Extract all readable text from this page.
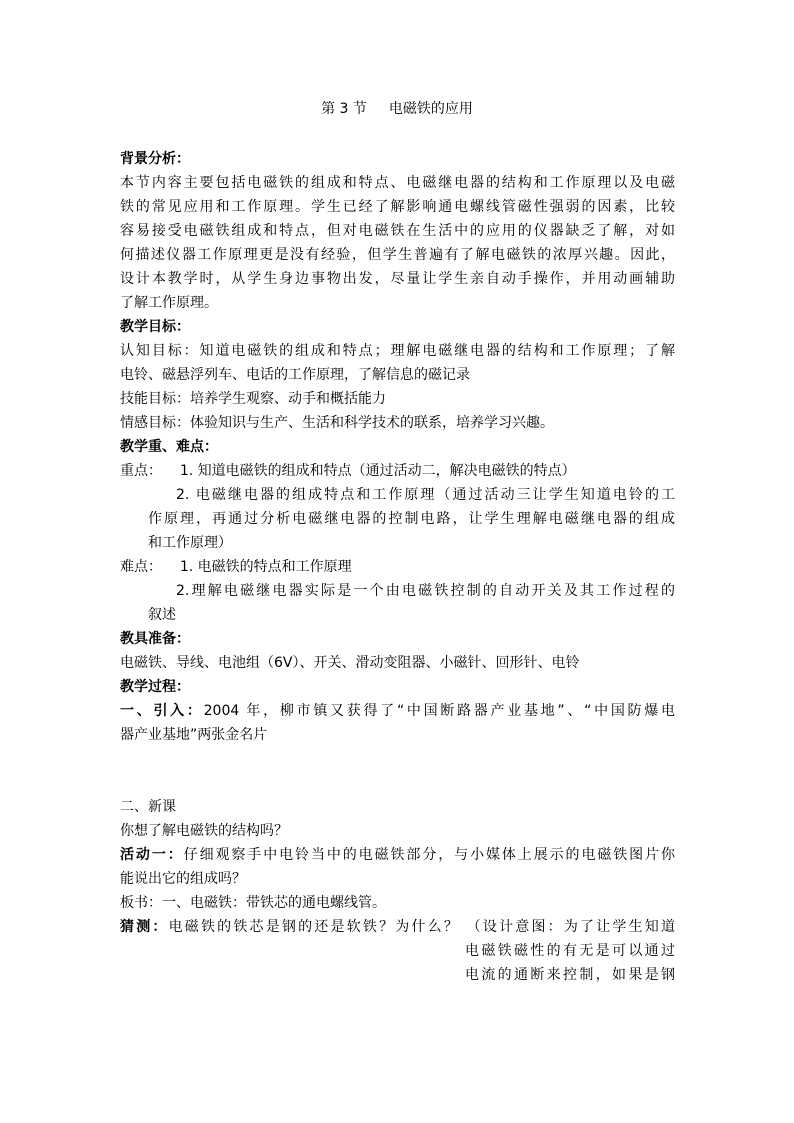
第 3 节 电磁铁的应用
背景分析：
本节内容主要包括电磁铁的组成和特点、电磁继电器的结构和工作原理以及电磁
铁的常见应用和工作原理。学生已经了解影响通电螺线管磁性强弱的因素，比较
容易接受电磁铁组成和特点，但对电磁铁在生活中的应用的仪器缺乏了解，对如
何描述仪器工作原理更是没有经验，但学生普遍有了解电磁铁的浓厚兴趣。因此，
设计本教学时，从学生身边事物出发，尽量让学生亲自动手操作，并用动画辅助
了解工作原理。
教学目标：
认知目标：知道电磁铁的组成和特点；理解电磁继电器的结构和工作原理；了解
电铃、磁悬浮列车、电话的工作原理，了解信息的磁记录
技能目标：培养学生观察、动手和概括能力
情感目标：体验知识与生产、生活和科学技术的联系，培养学习兴趣。
教学重、难点：
重点： 1. 知道电磁铁的组成和特点（通过活动二，解决电磁铁的特点）
2. 电磁继电器的组成特点和工作原理（通过活动三让学生知道电铃的工
作原理，再通过分析电磁继电器的控制电路，让学生理解电磁继电器的组成
和工作原理）
难点： 1. 电磁铁的特点和工作原理
2.理解电磁继电器实际是一个由电磁铁控制的自动开关及其工作过程的
叙述
教具准备：
电磁铁、导线、电池组（6V）、开关、滑动变阻器、小磁针、回形针、电铃
教学过程：
一、引入：2004 年，柳市镇又获得了“中国断路器产业基地”、“中国防爆电
器产业基地”两张金名片
二、新课
你想了解电磁铁的结构吗？
活动一：仔细观察手中电铃当中的电磁铁部分，与小媒体上展示的电磁铁图片你
能说出它的组成吗？
板书：一、电磁铁：带铁芯的通电螺线管。
猜测：电磁铁的铁芯是钢的还是软铁？为什么？ （设计意图：为了让学生知道
电磁铁磁性的有无是可以通过
电流的通断来控制，如果是钢
